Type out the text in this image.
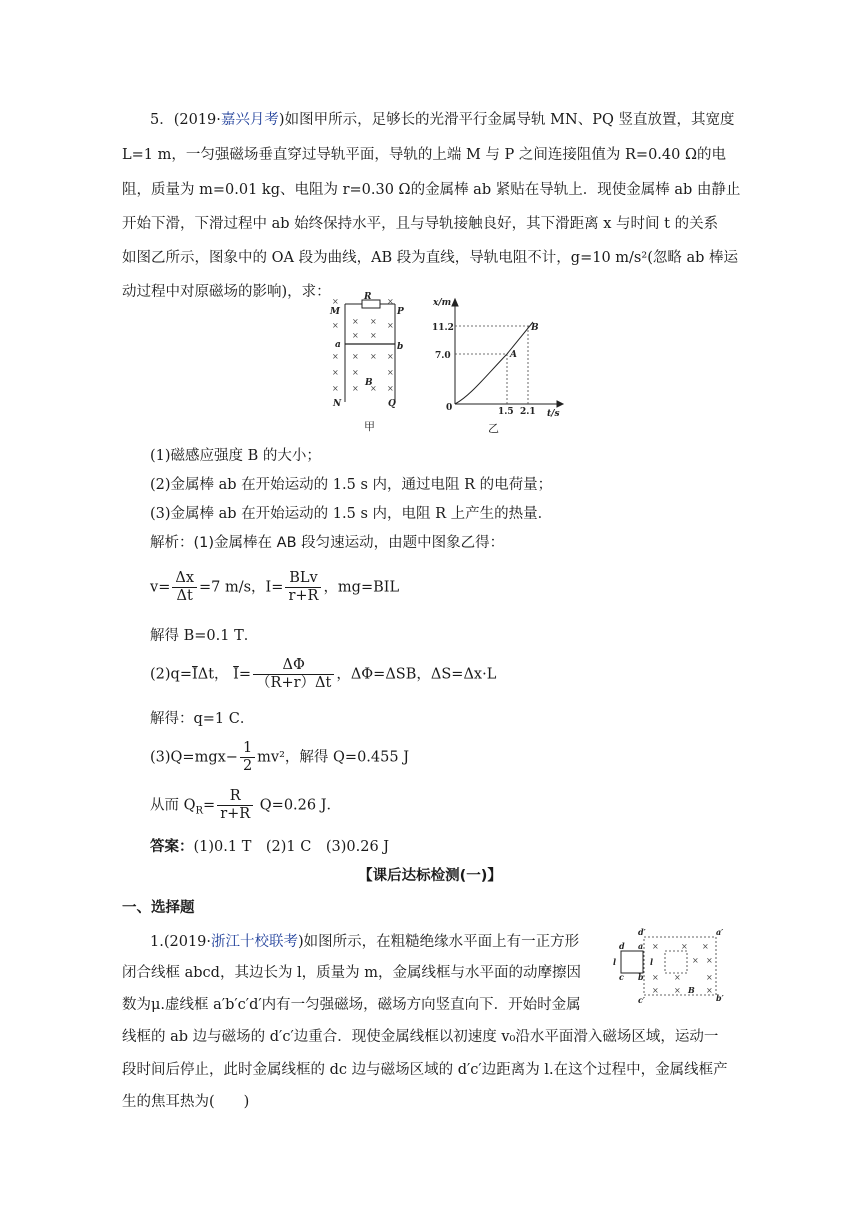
5．(2019·嘉兴月考)如图甲所示，足够长的光滑平行金属导轨 MN、PQ 竖直放置，其宽度
L=1 m，一匀强磁场垂直穿过导轨平面，导轨的上端 M 与 P 之间连接阻值为 R=0.40 Ω的电
阻，质量为 m=0.01 kg、电阻为 r=0.30 Ω的金属棒 ab 紧贴在导轨上．现使金属棒 ab 由静止
开始下滑，下滑过程中 ab 始终保持水平，且与导轨接触良好，其下滑距离 x 与时间 t 的关系
如图乙所示，图象中的 OA 段为曲线，AB 段为直线，导轨电阻不计，g=10 m/s²(忽略 ab 棒运
动过程中对原磁场的影响)，求：	R
M	P
a	b
N	Q
B
×	×
× × × ×
× ×
× × × ×
× ×	×
× × × ×
甲
x/m
11.2
7.0
0	1.5 2.1 t/s
A
B
乙
(1)磁感应强度 B 的大小；
(2)金属棒 ab 在开始运动的 1.5 s 内，通过电阻 R 的电荷量；
(3)金属棒 ab 在开始运动的 1.5 s 内，电阻 R 上产生的热量．
解析：(1)金属棒在 AB 段匀速运动，由题中图象乙得：
$v= \frac{\Delta x}{\Delta t} =7$ m/s，$I= \frac{\text{BLv}}{r+R}$ ，mg=BIL
解得 B=0.1 T．
$(2)q=\overline{I}\Delta t$， $\overline{I}= \frac{\Delta\Phi}{(R+r)\Delta t}$ ，ΔΦ=ΔSB，ΔS=Δx·L
解得：q=1 C．
$(3)Q=mgx- \frac{1}{2} mv^2$，解得 Q=0.455 J
从而 $Q_R= \frac{R}{r+R} Q=0.26$ J．
答案：(1)0.1 T　(2)1 C　(3)0.26 J
【课后达标检测(一)】
一、选择题
1.(2019·浙江十校联考)如图所示，在粗糙绝缘水平面上有一正方形
闭合线框 abcd，其边长为 l，质量为 m，金属线框与水平面的动摩擦因
数为μ.虚线框 a′b′c′d′内有一匀强磁场，磁场方向竖直向下．开始时金属
线框的 ab 边与磁场的 d′c′边重合．现使金属线框以初速度 v₀沿水平面滑入磁场区域，运动一
段时间后停止，此时金属线框的 dc 边与磁场区域的 d′c′边距离为 l.在这个过程中，金属线框产
生的焦耳热为(　　)
d′	a′
d a
l
c b
l
c′	b′
B
×	× ×
× ×
× ×	×
× ×	×
